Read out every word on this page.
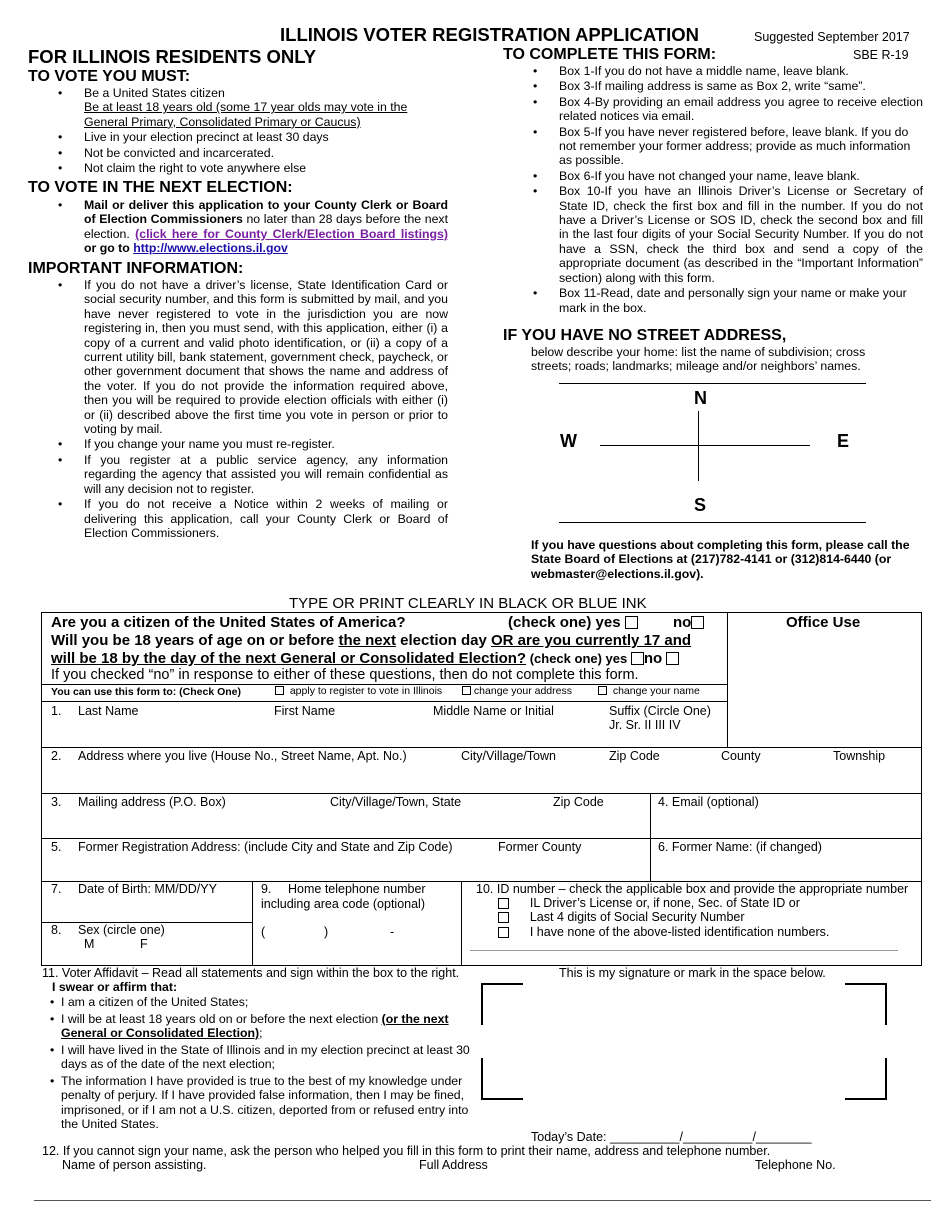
ILLINOIS VOTER REGISTRATION APPLICATION	Suggested September 2017
SBE R-19
FOR ILLINOIS RESIDENTS ONLY
TO VOTE YOU MUST:
• Be a United States citizen
Be at least 18 years old (some 17 year olds may vote in the General Primary, Consolidated Primary or Caucus)
• Live in your election precinct at least 30 days
• Not be convicted and incarcerated.
• Not claim the right to vote anywhere else
TO VOTE IN THE NEXT ELECTION:
• Mail or deliver this application to your County Clerk or Board of Election Commissioners no later than 28 days before the next election. (click here for County Clerk/Election Board listings) or go to http://www.elections.il.gov
IMPORTANT INFORMATION:
• If you do not have a driver’s license, State Identification Card or social security number, and this form is submitted by mail, and you have never registered to vote in the jurisdiction you are now registering in, then you must send, with this application, either (i) a copy of a current and valid photo identification, or (ii) a copy of a current utility bill, bank statement, government check, paycheck, or other government document that shows the name and address of the voter. If you do not provide the information required above, then you will be required to provide election officials with either (i) or (ii) described above the first time you vote in person or prior to voting by mail.
• If you change your name you must re-register.
• If you register at a public service agency, any information regarding the agency that assisted you will remain confidential as will any decision not to register.
• If you do not receive a Notice within 2 weeks of mailing or delivering this application, call your County Clerk or Board of Election Commissioners.
TO COMPLETE THIS FORM:
• Box 1-If you do not have a middle name, leave blank.
• Box 3-If mailing address is same as Box 2, write “same”.
• Box 4-By providing an email address you agree to receive election related notices via email.
• Box 5-If you have never registered before, leave blank. If you do not remember your former address; provide as much information as possible.
• Box 6-If you have not changed your name, leave blank.
• Box 10-If you have an Illinois Driver’s License or Secretary of State ID, check the first box and fill in the number. If you do not have a Driver’s License or SOS ID, check the second box and fill in the last four digits of your Social Security Number. If you do not have a SSN, check the third box and send a copy of the appropriate document (as described in the “Important Information” section) along with this form.
• Box 11-Read, date and personally sign your name or make your mark in the box.
IF YOU HAVE NO STREET ADDRESS,
below describe your home: list the name of subdivision; cross streets; roads; landmarks; mileage and/or neighbors’ names.
N
W	E
S
If you have questions about completing this form, please call the State Board of Elections at (217)782-4141 or (312)814-6440 (or webmaster@elections.il.gov).
TYPE OR PRINT CLEARLY IN BLACK OR BLUE INK
Office Use
Are you a citizen of the United States of America?	(check one) yes	no
Will you be 18 years of age on or before the next election day OR are you currently 17 and
will be 18 by the day of the next General or Consolidated Election? (check one) yes no
If you checked “no” in response to either of these questions, then do not complete this form.
You can use this form to: (Check One)	apply to register to vote in Illinois	change your address	change your name
1. Last Name	First Name	Middle Name or Initial	Suffix (Circle One)
Jr. Sr. II III IV
2. Address where you live (House No., Street Name, Apt. No.)	City/Village/Town	Zip Code	County	Township
3. Mailing address (P.O. Box)	City/Village/Town, State	Zip Code	4. Email (optional)
5. Former Registration Address: (include City and State and Zip Code)	Former County	6. Former Name: (if changed)
7. Date of Birth: MM/DD/YY
8. Sex (circle one)
M	F
9. Home telephone number
including area code (optional)
(	)	-
10. ID number – check the applicable box and provide the appropriate number
IL Driver’s License or, if none, Sec. of State ID or
Last 4 digits of Social Security Number
I have none of the above-listed identification numbers.
11. Voter Affidavit – Read all statements and sign within the box to the right.	This is my signature or mark in the space below.
I swear or affirm that:
• I am a citizen of the United States;
• I will be at least 18 years old on or before the next election (or the next General or Consolidated Election);
• I will have lived in the State of Illinois and in my election precinct at least 30 days as of the date of the next election;
• The information I have provided is true to the best of my knowledge under penalty of perjury. If I have provided false information, then I may be fined, imprisoned, or if I am not a U.S. citizen, deported from or refused entry into the United States.
Today’s Date: __________/__________/________
12. If you cannot sign your name, ask the person who helped you fill in this form to print their name, address and telephone number.
Name of person assisting.	Full Address	Telephone No.
